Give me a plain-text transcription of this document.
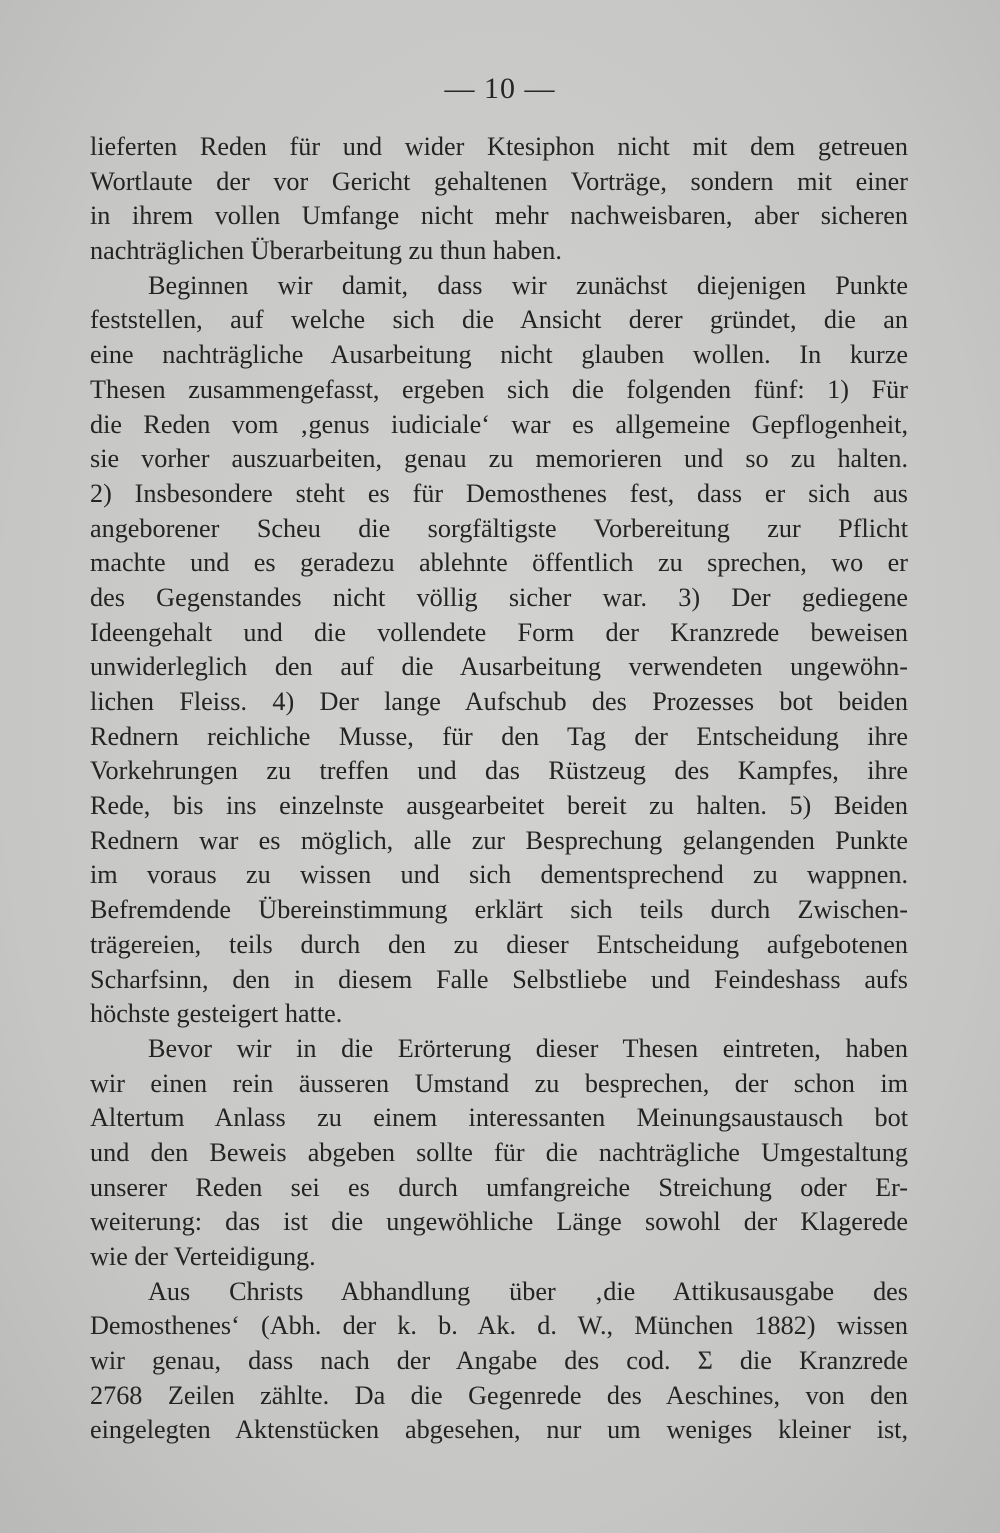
— 10 —
lieferten Reden für und wider Ktesiphon nicht mit dem getreuen
Wortlaute der vor Gericht gehaltenen Vorträge, sondern mit einer
in ihrem vollen Umfange nicht mehr nachweisbaren, aber sicheren
nachträglichen Überarbeitung zu thun haben.
Beginnen wir damit, dass wir zunächst diejenigen Punkte
feststellen, auf welche sich die Ansicht derer gründet, die an
eine nachträgliche Ausarbeitung nicht glauben wollen. In kurze
Thesen zusammengefasst, ergeben sich die folgenden fünf: 1) Für
die Reden vom ‚genus iudiciale‘ war es allgemeine Gepflogenheit,
sie vorher auszuarbeiten, genau zu memorieren und so zu halten.
2) Insbesondere steht es für Demosthenes fest, dass er sich aus
angeborener Scheu die sorgfältigste Vorbereitung zur Pflicht
machte und es geradezu ablehnte öffentlich zu sprechen, wo er
des Gegenstandes nicht völlig sicher war. 3) Der gediegene
Ideengehalt und die vollendete Form der Kranzrede beweisen
unwiderleglich den auf die Ausarbeitung verwendeten ungewöhn-
lichen Fleiss. 4) Der lange Aufschub des Prozesses bot beiden
Rednern reichliche Musse, für den Tag der Entscheidung ihre
Vorkehrungen zu treffen und das Rüstzeug des Kampfes, ihre
Rede, bis ins einzelnste ausgearbeitet bereit zu halten. 5) Beiden
Rednern war es möglich, alle zur Besprechung gelangenden Punkte
im voraus zu wissen und sich dementsprechend zu wappnen.
Befremdende Übereinstimmung erklärt sich teils durch Zwischen-
trägereien, teils durch den zu dieser Entscheidung aufgebotenen
Scharfsinn, den in diesem Falle Selbstliebe und Feindeshass aufs
höchste gesteigert hatte.
Bevor wir in die Erörterung dieser Thesen eintreten, haben
wir einen rein äusseren Umstand zu besprechen, der schon im
Altertum Anlass zu einem interessanten Meinungsaustausch bot
und den Beweis abgeben sollte für die nachträgliche Umgestaltung
unserer Reden sei es durch umfangreiche Streichung oder Er-
weiterung: das ist die ungewöhliche Länge sowohl der Klagerede
wie der Verteidigung.
Aus Christs Abhandlung über ‚die Attikusausgabe des
Demosthenes‘ (Abh. der k. b. Ak. d. W., München 1882) wissen
wir genau, dass nach der Angabe des cod. Σ die Kranzrede
2768 Zeilen zählte. Da die Gegenrede des Aeschines, von den
eingelegten Aktenstücken abgesehen, nur um weniges kleiner ist,
